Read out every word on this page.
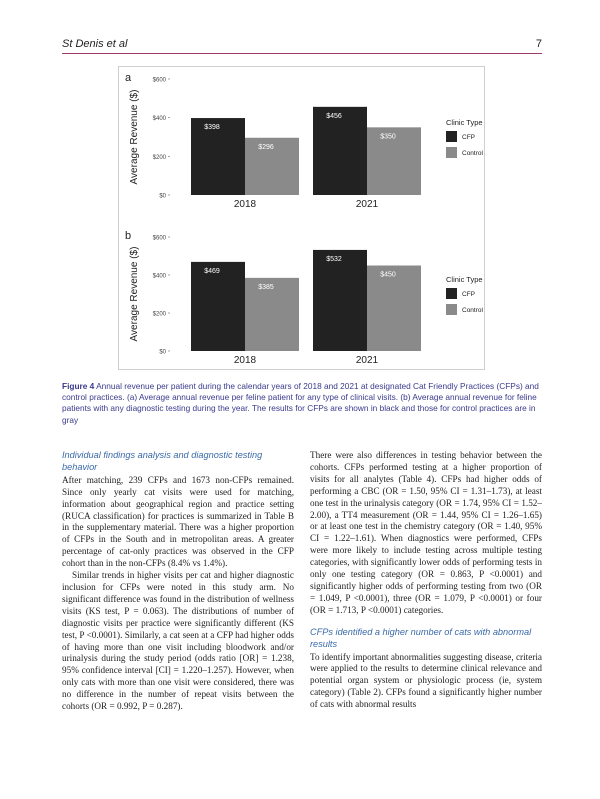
St Denis et al	7
a
Average Revenue ($)
$0
$200
$400
$600
$398
$296
2018
$456
$350
2021
Clinic Type
CFP
Control
b
Average Revenue ($)
$0
$200
$400
$600
$469
$385
2018
$532
$450
2021
Clinic Type
CFP
Control
Figure 4 Annual revenue per patient during the calendar years of 2018 and 2021 at designated Cat Friendly Practices (CFPs) and control practices. (a) Average annual revenue per feline patient for any type of clinical visits. (b) Average annual revenue for feline patients with any diagnostic testing during the year. The results for CFPs are shown in black and those for control practices are in gray
Individual findings analysis and diagnostic testing behavior

After matching, 239 CFPs and 1673 non-CFPs remained. Since only yearly cat visits were used for matching, information about geographical region and practice setting (RUCA classification) for practices is summarized in Table B in the supplementary material. There was a higher proportion of CFPs in the South and in metropolitan areas. A greater percentage of cat-only practices was observed in the CFP cohort than in the non-CFPs (8.4% vs 1.4%).

Similar trends in higher visits per cat and higher diagnostic inclusion for CFPs were noted in this study arm. No significant difference was found in the distribution of wellness visits (KS test, P = 0.063). The distributions of number of diagnostic visits per practice were significantly different (KS test, P <0.0001). Similarly, a cat seen at a CFP had higher odds of having more than one visit including bloodwork and/or urinalysis during the study period (odds ratio [OR] = 1.238, 95% confidence interval [CI] = 1.220–1.257). However, when only cats with more than one visit were considered, there was no difference in the number of repeat visits between the cohorts (OR = 0.992, P = 0.287).

There were also differences in testing behavior between the cohorts. CFPs performed testing at a higher proportion of visits for all analytes (Table 4). CFPs had higher odds of performing a CBC (OR = 1.50, 95% CI = 1.31–1.73), at least one test in the urinalysis category (OR = 1.74, 95% CI = 1.52–2.00), a TT4 measurement (OR = 1.44, 95% CI = 1.26–1.65) or at least one test in the chemistry category (OR = 1.40, 95% CI = 1.22–1.61). When diagnostics were performed, CFPs were more likely to include testing across multiple testing categories, with significantly lower odds of performing tests in only one testing category (OR = 0.863, P <0.0001) and significantly higher odds of performing testing from two (OR = 1.049, P <0.0001), three (OR = 1.079, P <0.0001) or four (OR = 1.713, P <0.0001) categories.

CFPs identified a higher number of cats with abnormal results

To identify important abnormalities suggesting disease, criteria were applied to the results to determine clinical relevance and potential organ system or physiologic process (ie, system category) (Table 2). CFPs found a significantly higher number of cats with abnormal results
